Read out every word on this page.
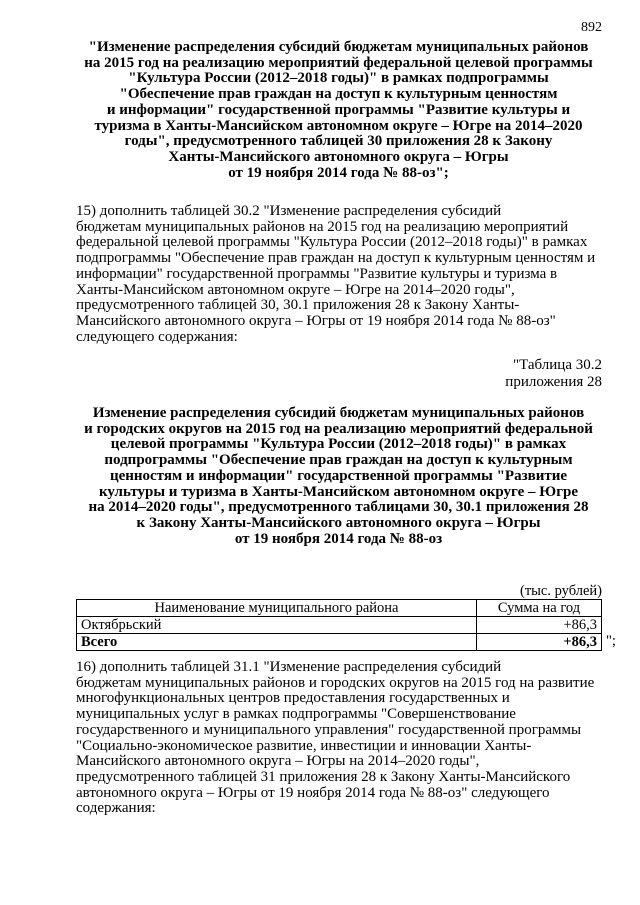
892
"Изменение распределения субсидий бюджетам муниципальных районов
на 2015 год на реализацию мероприятий федеральной целевой программы
"Культура России (2012–2018 годы)" в рамках подпрограммы
"Обеспечение прав граждан на доступ к культурным ценностям
и информации" государственной программы "Развитие культуры и
туризма в Ханты-Мансийском автономном округе – Югре на 2014–2020
годы", предусмотренного таблицей 30 приложения 28 к Закону
Ханты-Мансийского автономного округа – Югры
от 19 ноября 2014 года № 88-оз";
15) дополнить таблицей 30.2 "Изменение распределения субсидий
бюджетам муниципальных районов на 2015 год на реализацию мероприятий
федеральной целевой программы "Культура России (2012–2018 годы)" в рамках
подпрограммы "Обеспечение прав граждан на доступ к культурным ценностям и
информации" государственной программы "Развитие культуры и туризма в
Ханты-Мансийском автономном округе – Югре на 2014–2020 годы",
предусмотренного таблицей 30, 30.1 приложения 28 к Закону Ханты-
Мансийского автономного округа – Югры от 19 ноября 2014 года № 88-оз"
следующего содержания:
"Таблица 30.2
приложения 28
Изменение распределения субсидий бюджетам муниципальных районов
и городских округов на 2015 год на реализацию мероприятий федеральной
целевой программы "Культура России (2012–2018 годы)" в рамках
подпрограммы "Обеспечение прав граждан на доступ к культурным
ценностям и информации" государственной программы "Развитие
культуры и туризма в Ханты-Мансийском автономном округе – Югре
на 2014–2020 годы", предусмотренного таблицами 30, 30.1 приложения 28
к Закону Ханты-Мансийского автономного округа – Югры
от 19 ноября 2014 года № 88-оз
(тыс. рублей)
Наименование муниципального района	Сумма на год
Октябрьский	+86,3
Всего	+86,3 ";
16) дополнить таблицей 31.1 "Изменение распределения субсидий
бюджетам муниципальных районов и городских округов на 2015 год на развитие
многофункциональных центров предоставления государственных и
муниципальных услуг в рамках подпрограммы "Совершенствование
государственного и муниципального управления" государственной программы
"Социально-экономическое развитие, инвестиции и инновации Ханты-
Мансийского автономного округа – Югры на 2014–2020 годы",
предусмотренного таблицей 31 приложения 28 к Закону Ханты-Мансийского
автономного округа – Югры от 19 ноября 2014 года № 88-оз" следующего
содержания:
